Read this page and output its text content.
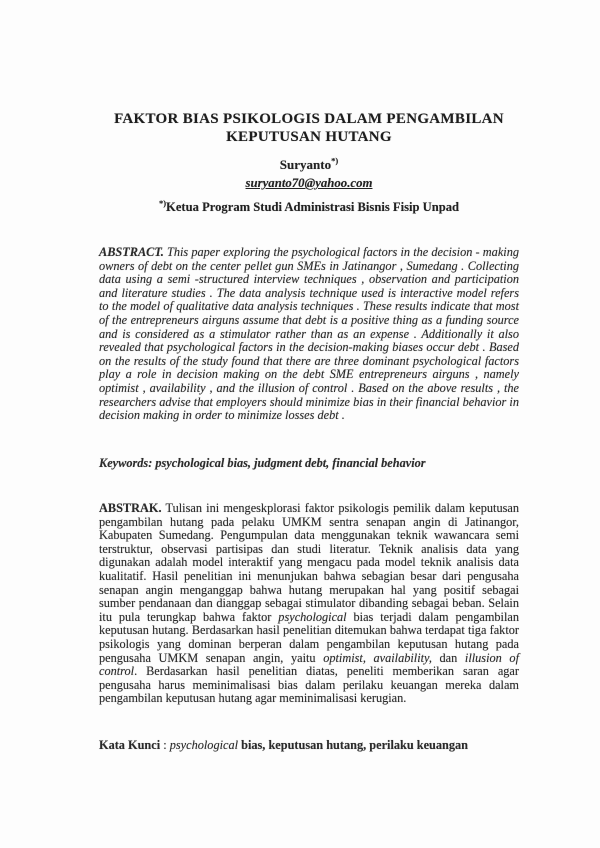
FAKTOR BIAS PSIKOLOGIS DALAM PENGAMBILAN
KEPUTUSAN HUTANG
Suryanto*)
suryanto70@yahoo.com
*)Ketua Program Studi Administrasi Bisnis Fisip Unpad

ABSTRACT. This paper exploring the psychological factors in the decision - making owners of debt on the center pellet gun SMEs in Jatinangor , Sumedang . Collecting data using a semi -structured interview techniques , observation and participation and literature studies . The data analysis technique used is interactive model refers to the model of qualitative data analysis techniques . These results indicate that most of the entrepreneurs airguns assume that debt is a positive thing as a funding source and is considered as a stimulator rather than as an expense . Additionally it also revealed that psychological factors in the decision-making biases occur debt . Based on the results of the study found that there are three dominant psychological factors play a role in decision making on the debt SME entrepreneurs airguns , namely optimist , availability , and the illusion of control . Based on the above results , the researchers advise that employers should minimize bias in their financial behavior in decision making in order to minimize losses debt .

Keywords: psychological bias, judgment debt, financial behavior

ABSTRAK. Tulisan ini mengeskplorasi faktor psikologis pemilik dalam keputusan pengambilan hutang pada pelaku UMKM sentra senapan angin di Jatinangor, Kabupaten Sumedang. Pengumpulan data menggunakan teknik wawancara semi terstruktur, observasi partisipas dan studi literatur. Teknik analisis data yang digunakan adalah model interaktif yang mengacu pada model teknik analisis data kualitatif. Hasil penelitian ini menunjukan bahwa sebagian besar dari pengusaha senapan angin menganggap bahwa hutang merupakan hal yang positif sebagai sumber pendanaan dan dianggap sebagai stimulator dibanding sebagai beban. Selain itu pula terungkap bahwa faktor psychological bias terjadi dalam pengambilan keputusan hutang. Berdasarkan hasil penelitian ditemukan bahwa terdapat tiga faktor psikologis yang dominan berperan dalam pengambilan keputusan hutang pada pengusaha UMKM senapan angin, yaitu optimist, availability, dan illusion of control. Berdasarkan hasil penelitian diatas, peneliti memberikan saran agar pengusaha harus meminimalisasi bias dalam perilaku keuangan mereka dalam pengambilan keputusan hutang agar meminimalisasi kerugian.

Kata Kunci : psychological bias, keputusan hutang, perilaku keuangan
